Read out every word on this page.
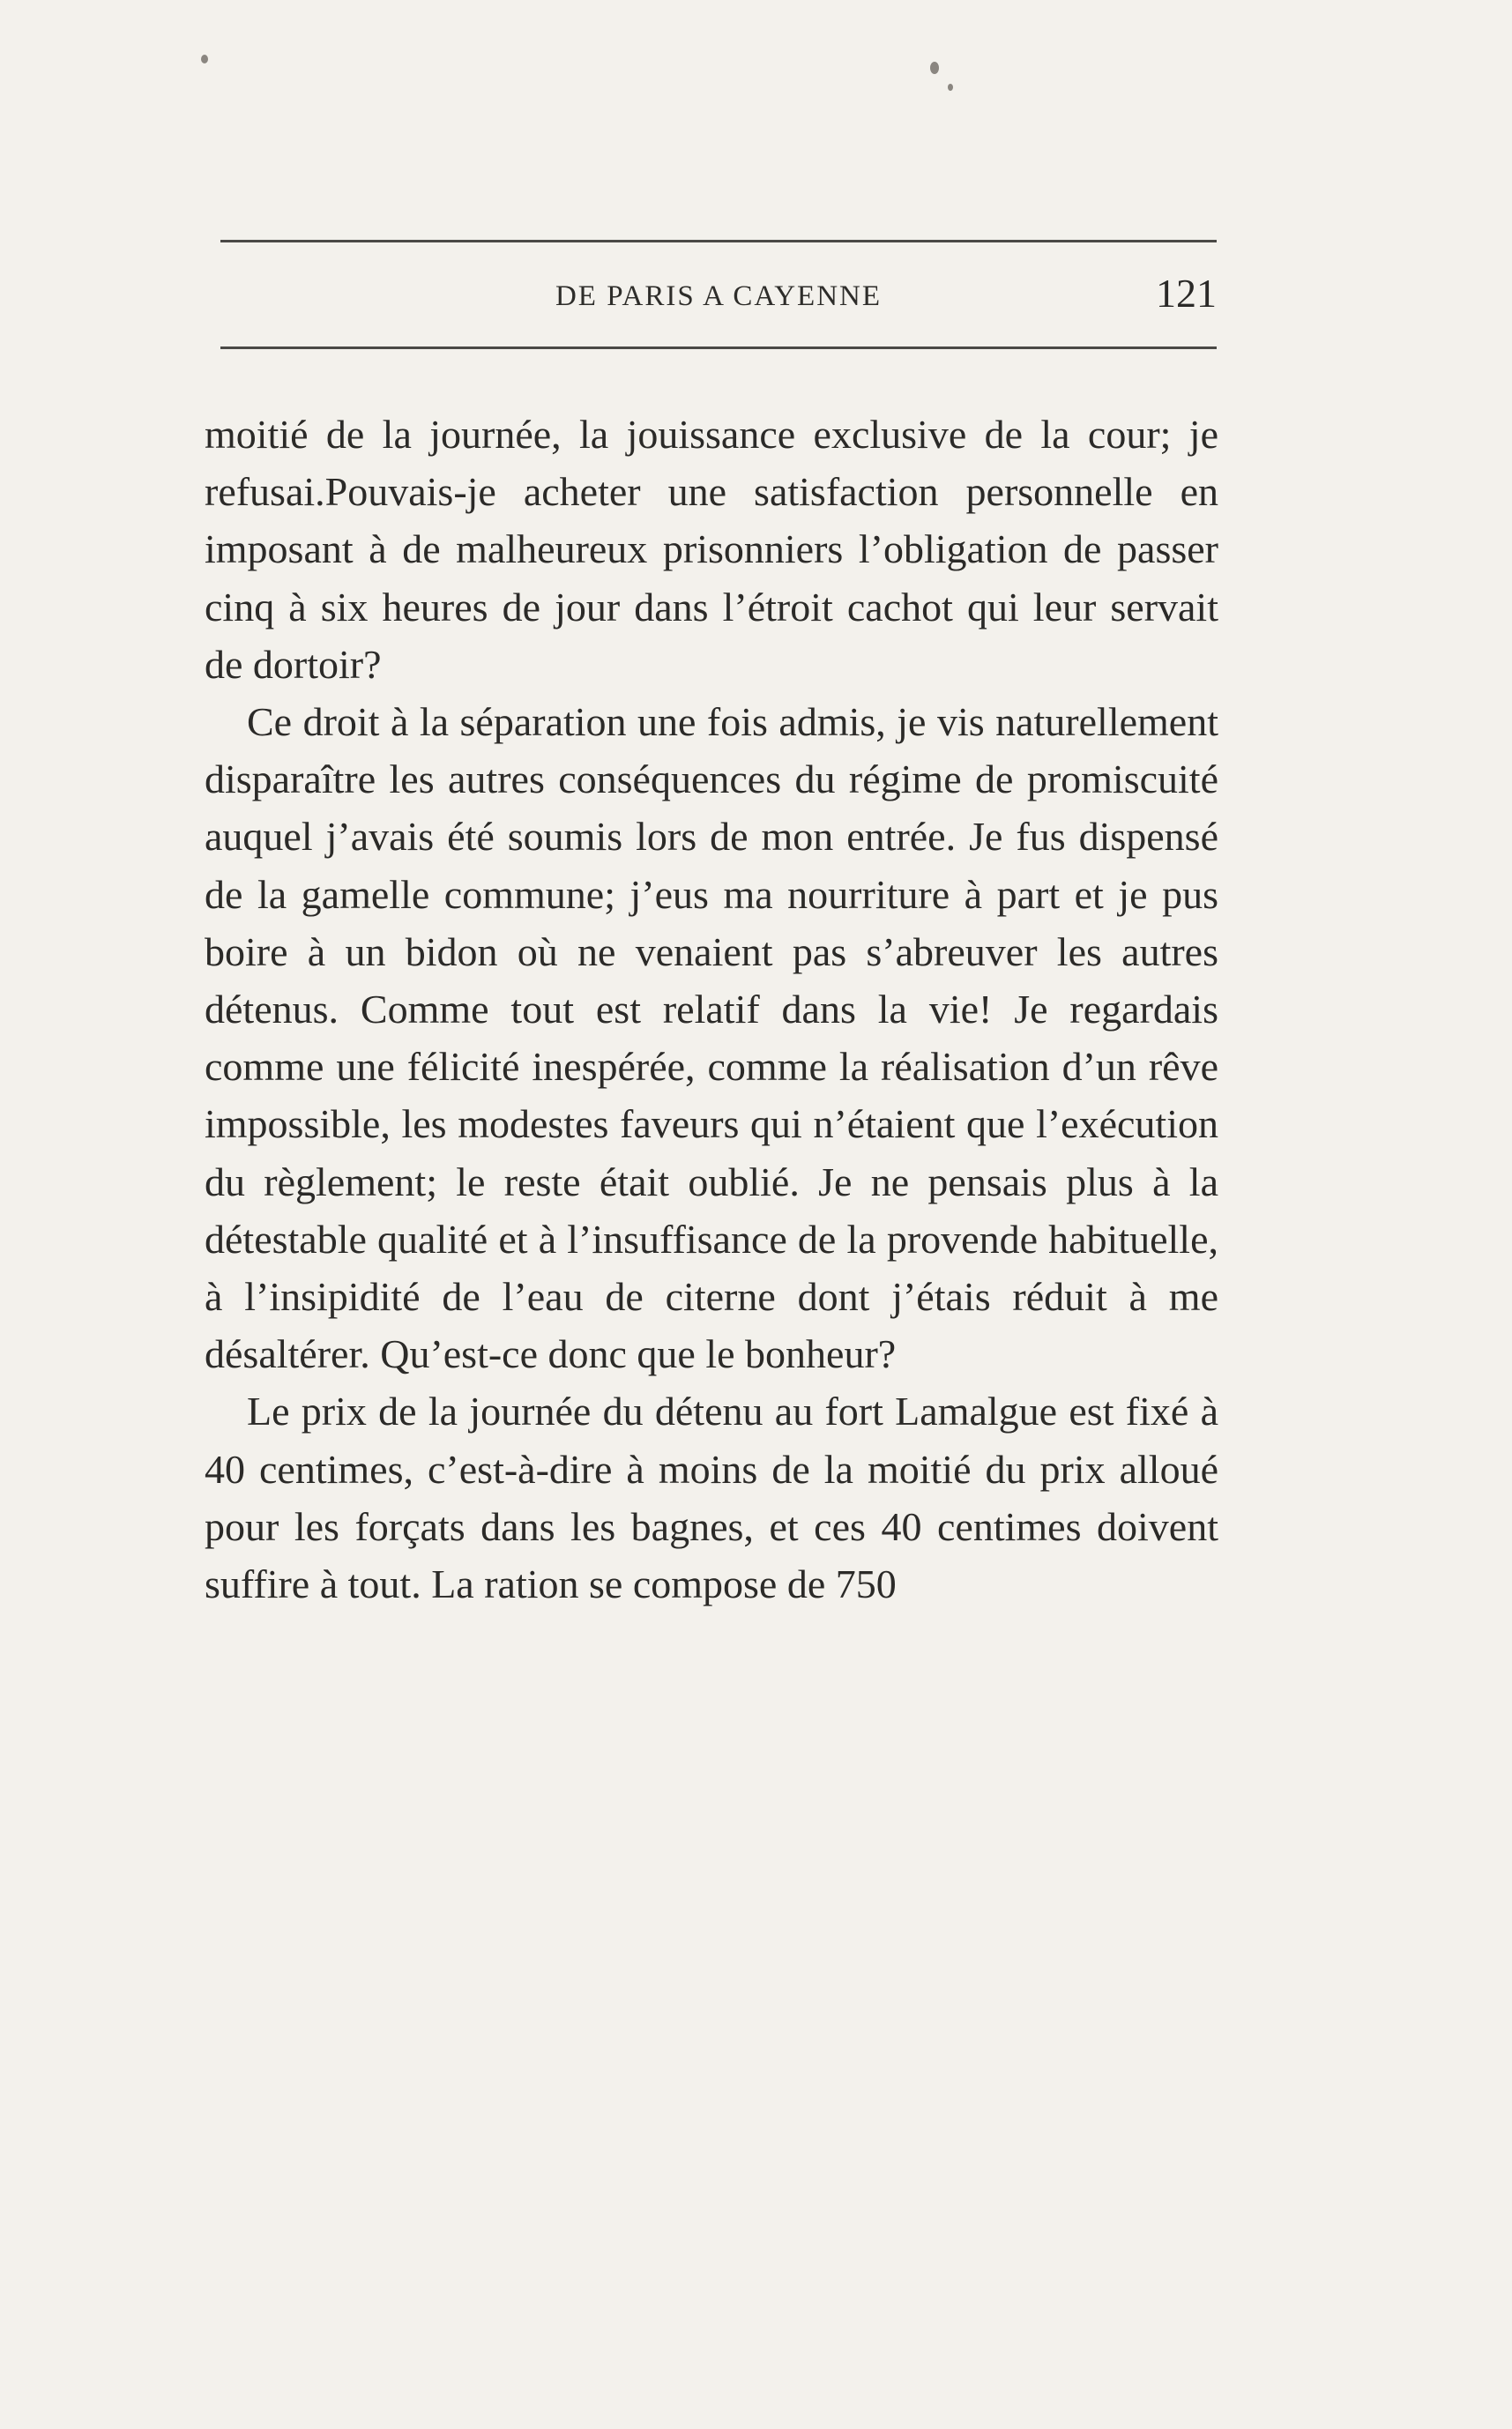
DE PARIS A CAYENNE	121

moitié de la journée, la jouissance exclusive de la cour; je refusai.Pouvais-je acheter une satisfaction personnelle en imposant à de malheureux prisonniers l’obligation de passer cinq à six heures de jour dans l’étroit cachot qui leur servait de dortoir?

Ce droit à la séparation une fois admis, je vis naturellement disparaître les autres conséquences du régime de promiscuité auquel j’avais été soumis lors de mon entrée. Je fus dispensé de la gamelle commune; j’eus ma nourriture à part et je pus boire à un bidon où ne venaient pas s’abreuver les autres détenus. Comme tout est relatif dans la vie! Je regardais comme une félicité inespérée, comme la réalisation d’un rêve impossible, les modestes faveurs qui n’étaient que l’exécution du règlement; le reste était oublié. Je ne pensais plus à la détestable qualité et à l’insuffisance de la provende habituelle, à l’insipidité de l’eau de citerne dont j’étais réduit à me désaltérer. Qu’est-ce donc que le bonheur?

Le prix de la journée du détenu au fort Lamalgue est fixé à 40 centimes, c’est-à-dire à moins de la moitié du prix alloué pour les forçats dans les bagnes, et ces 40 centimes doivent suffire à tout. La ration se compose de 750
